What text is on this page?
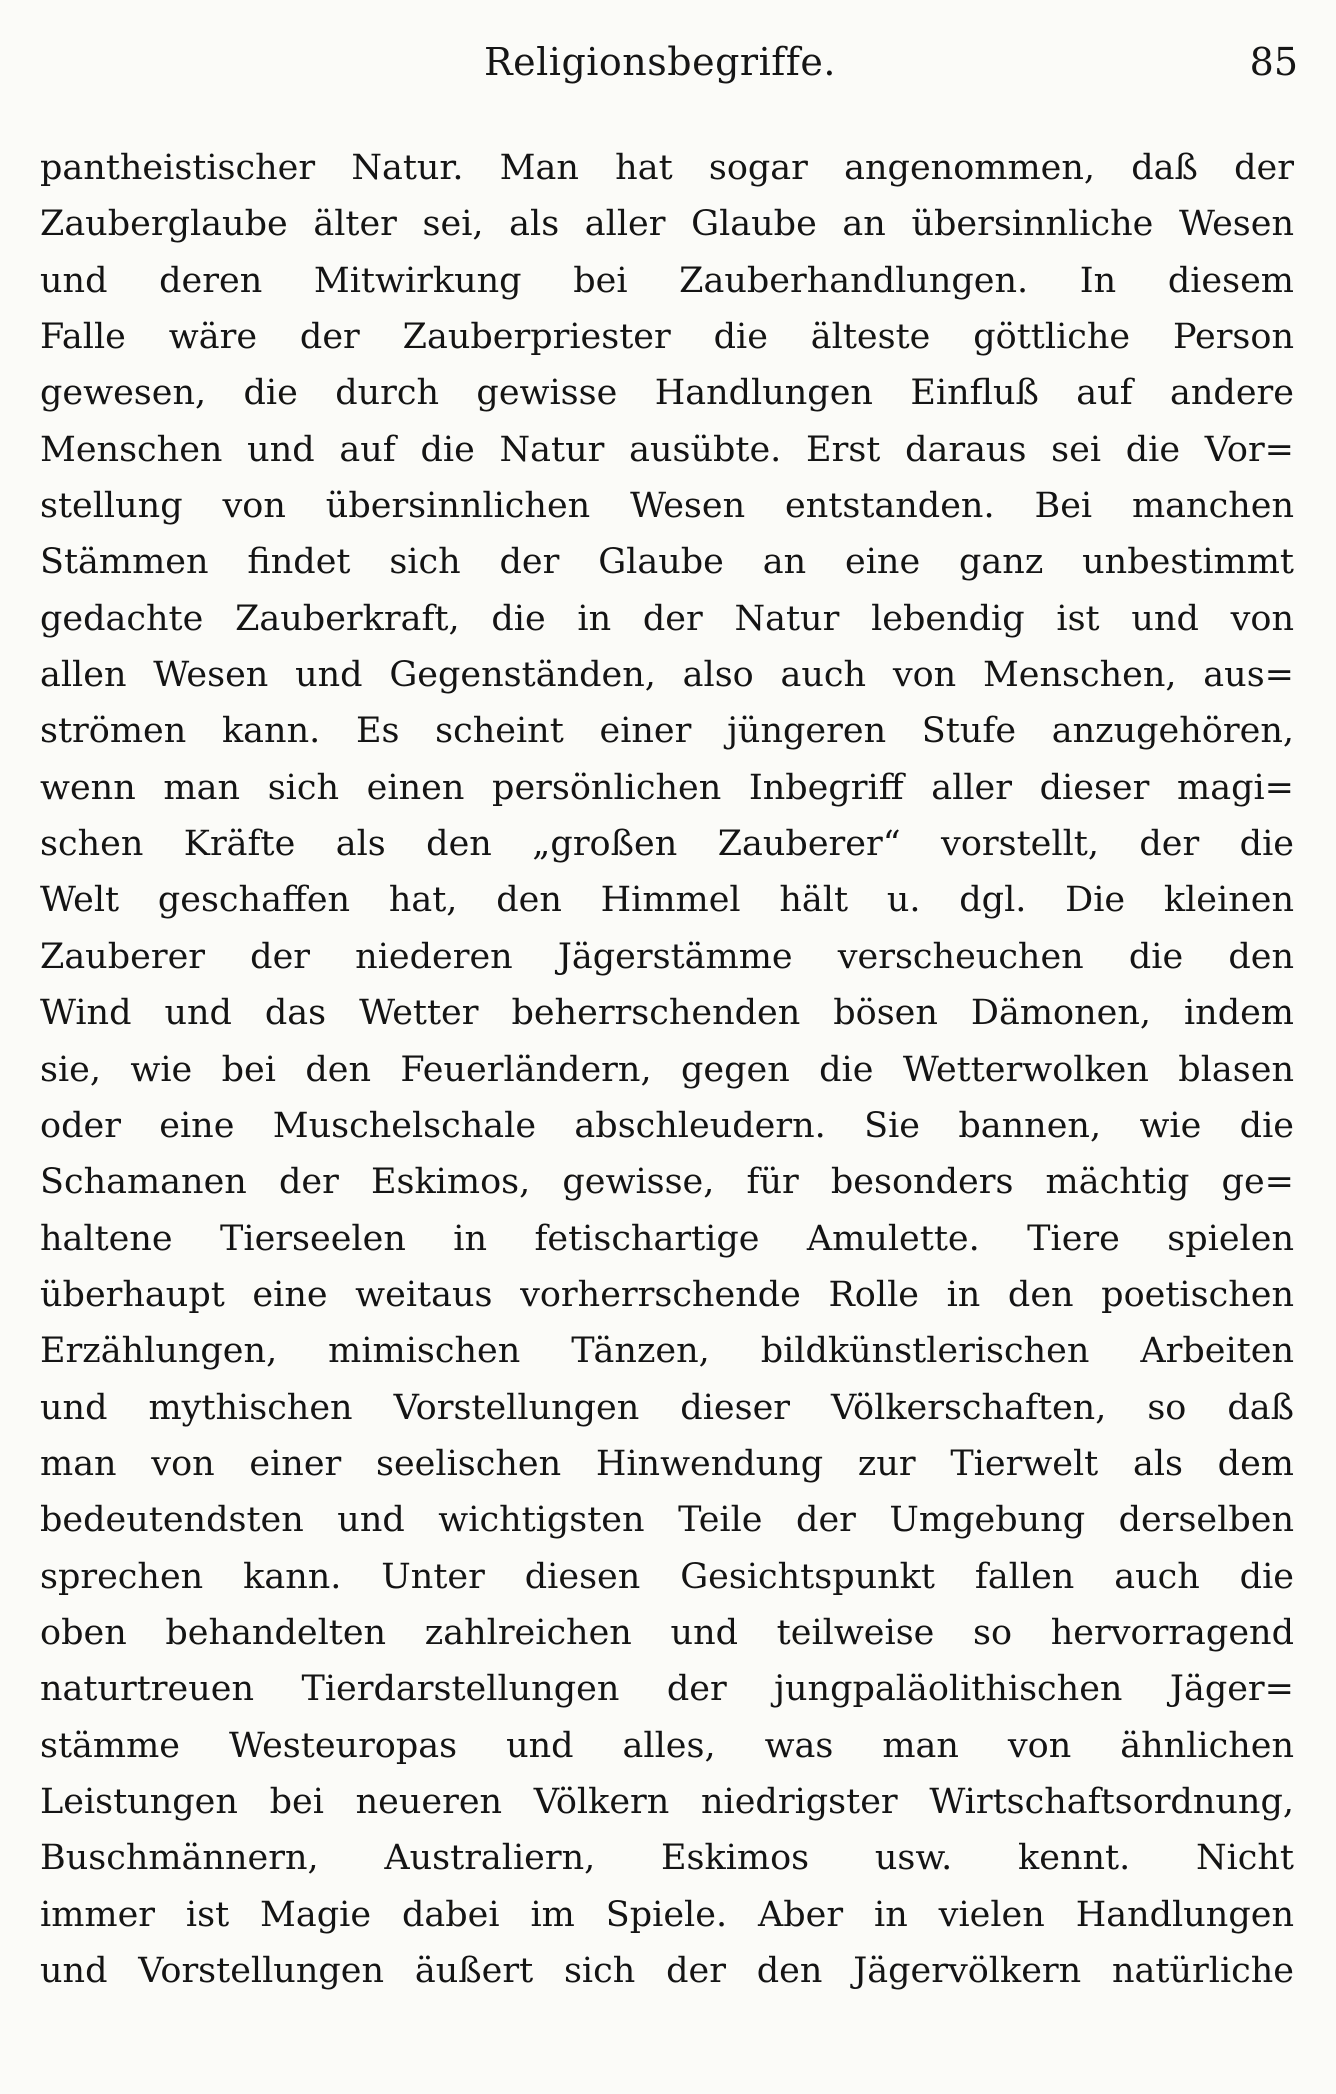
Religionsbegriffe.	85
pantheistischer Natur. Man hat sogar angenommen, daß der
Zauberglaube älter sei, als aller Glaube an übersinnliche Wesen
und deren Mitwirkung bei Zauberhandlungen. In diesem
Falle wäre der Zauberpriester die älteste göttliche Person
gewesen, die durch gewisse Handlungen Einfluß auf andere
Menschen und auf die Natur ausübte. Erst daraus sei die Vor=
stellung von übersinnlichen Wesen entstanden. Bei manchen
Stämmen findet sich der Glaube an eine ganz unbestimmt
gedachte Zauberkraft, die in der Natur lebendig ist und von
allen Wesen und Gegenständen, also auch von Menschen, aus=
strömen kann. Es scheint einer jüngeren Stufe anzugehören,
wenn man sich einen persönlichen Inbegriff aller dieser magi=
schen Kräfte als den „großen Zauberer“ vorstellt, der die
Welt geschaffen hat, den Himmel hält u. dgl. Die kleinen
Zauberer der niederen Jägerstämme verscheuchen die den
Wind und das Wetter beherrschenden bösen Dämonen, indem
sie, wie bei den Feuerländern, gegen die Wetterwolken blasen
oder eine Muschelschale abschleudern. Sie bannen, wie die
Schamanen der Eskimos, gewisse, für besonders mächtig ge=
haltene Tierseelen in fetischartige Amulette. Tiere spielen
überhaupt eine weitaus vorherrschende Rolle in den poetischen
Erzählungen, mimischen Tänzen, bildkünstlerischen Arbeiten
und mythischen Vorstellungen dieser Völkerschaften, so daß
man von einer seelischen Hinwendung zur Tierwelt als dem
bedeutendsten und wichtigsten Teile der Umgebung derselben
sprechen kann. Unter diesen Gesichtspunkt fallen auch die
oben behandelten zahlreichen und teilweise so hervorragend
naturtreuen Tierdarstellungen der jungpaläolithischen Jäger=
stämme Westeuropas und alles, was man von ähnlichen
Leistungen bei neueren Völkern niedrigster Wirtschaftsordnung,
Buschmännern, Australiern, Eskimos usw. kennt. Nicht
immer ist Magie dabei im Spiele. Aber in vielen Handlungen
und Vorstellungen äußert sich der den Jägervölkern natürliche
